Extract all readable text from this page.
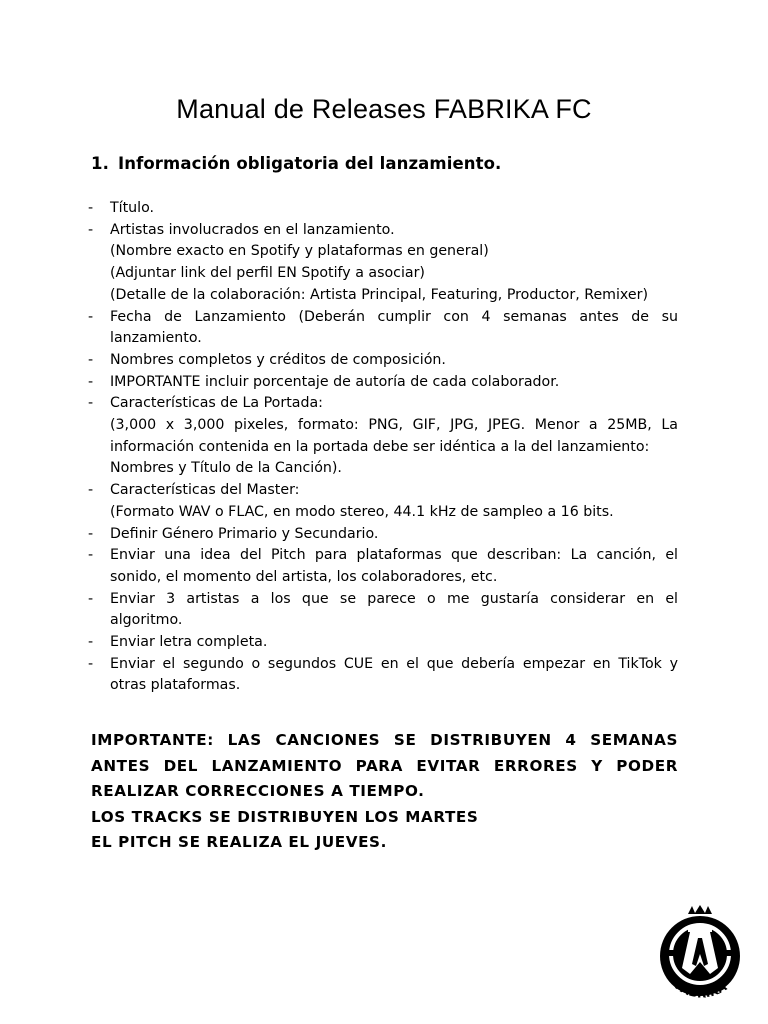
Manual de Releases FABRIKA FC
1. Información obligatoria del lanzamiento.
- Título.
- Artistas involucrados en el lanzamiento.
(Nombre exacto en Spotify y plataformas en general)
(Adjuntar link del perfil EN Spotify a asociar)
(Detalle de la colaboración: Artista Principal, Featuring, Productor, Remixer)
- Fecha de Lanzamiento (Deberán cumplir con 4 semanas antes de su
lanzamiento.
- Nombres completos y créditos de composición.
- IMPORTANTE incluir porcentaje de autoría de cada colaborador.
- Características de La Portada:
(3,000 x 3,000 pixeles, formato: PNG, GIF, JPG, JPEG. Menor a 25MB, La
información contenida en la portada debe ser idéntica a la del lanzamiento:
Nombres y Título de la Canción).
- Características del Master:
(Formato WAV o FLAC, en modo stereo, 44.1 kHz de sampleo a 16 bits.
- Definir Género Primario y Secundario.
- Enviar una idea del Pitch para plataformas que describan: La canción, el
sonido, el momento del artista, los colaboradores, etc.
- Enviar 3 artistas a los que se parece o me gustaría considerar en el
algoritmo.
- Enviar letra completa.
- Enviar el segundo o segundos CUE en el que debería empezar en TikTok y
otras plataformas.
IMPORTANTE: LAS CANCIONES SE DISTRIBUYEN 4 SEMANAS
ANTES DEL LANZAMIENTO PARA EVITAR ERRORES Y PODER
REALIZAR CORRECCIONES A TIEMPO.
LOS TRACKS SE DISTRIBUYEN LOS MARTES
EL PITCH SE REALIZA EL JUEVES.
FABRIKA
